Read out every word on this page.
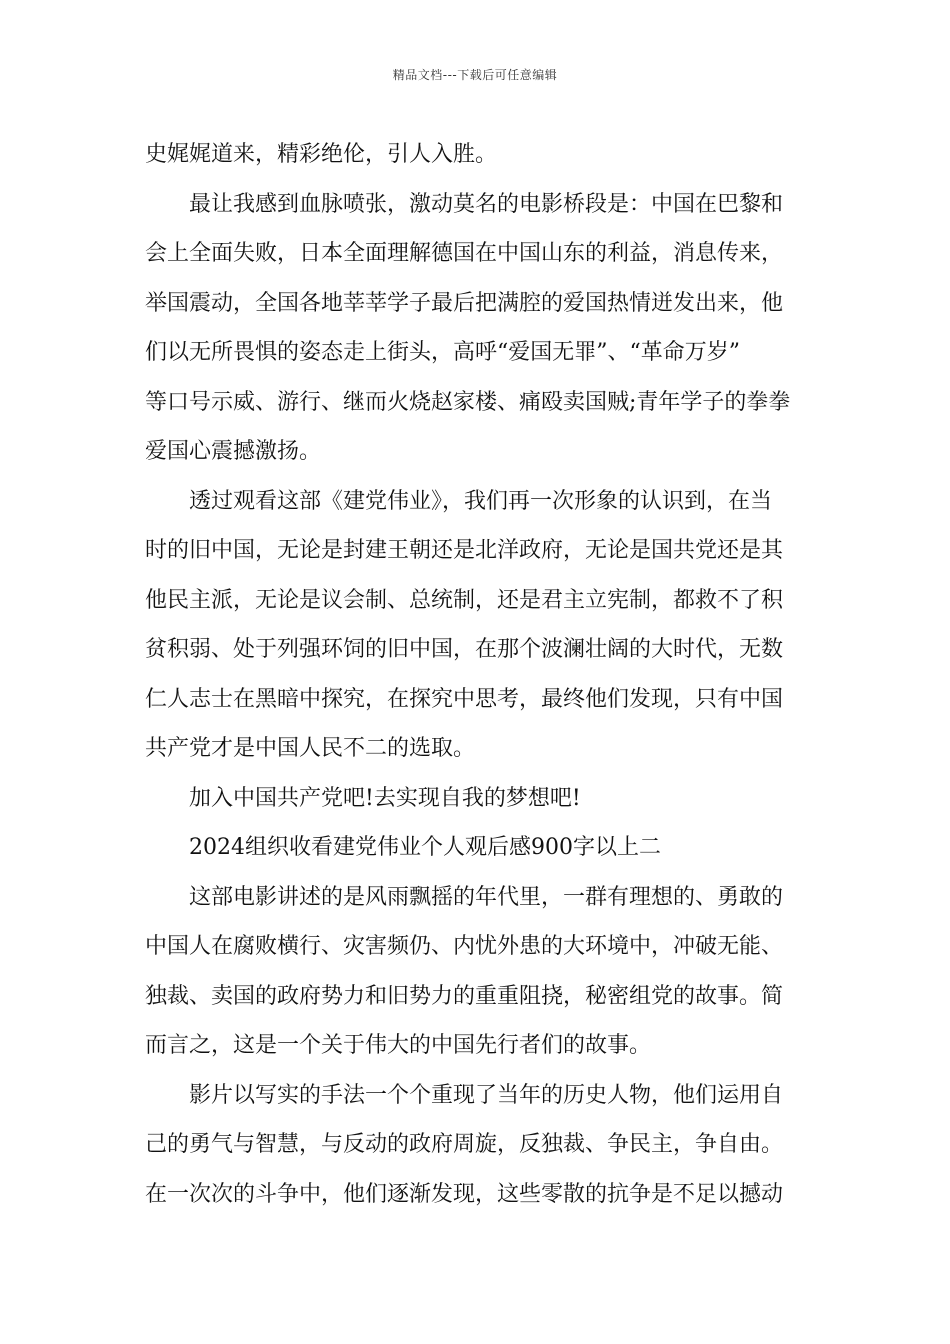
精品文档---下载后可任意编辑
史娓娓道来，精彩绝伦，引人入胜。
最让我感到血脉喷张，激动莫名的电影桥段是：中国在巴黎和
会上全面失败，日本全面理解德国在中国山东的利益，消息传来，
举国震动，全国各地莘莘学子最后把满腔的爱国热情迸发出来，他
们以无所畏惧的姿态走上街头，高呼“爱国无罪”、“革命万岁”
等口号示威、游行、继而火烧赵家楼、痛殴卖国贼;青年学子的拳拳
爱国心震撼激扬。
透过观看这部《建党伟业》，我们再一次形象的认识到，在当
时的旧中国，无论是封建王朝还是北洋政府，无论是国共党还是其
他民主派，无论是议会制、总统制，还是君主立宪制，都救不了积
贫积弱、处于列强环饲的旧中国，在那个波澜壮阔的大时代，无数
仁人志士在黑暗中探究，在探究中思考，最终他们发现，只有中国
共产党才是中国人民不二的选取。
加入中国共产党吧!去实现自我的梦想吧!
2024组织收看建党伟业个人观后感900字以上二
这部电影讲述的是风雨飘摇的年代里，一群有理想的、勇敢的
中国人在腐败横行、灾害频仍、内忧外患的大环境中，冲破无能、
独裁、卖国的政府势力和旧势力的重重阻挠，秘密组党的故事。简
而言之，这是一个关于伟大的中国先行者们的故事。
影片以写实的手法一个个重现了当年的历史人物，他们运用自
己的勇气与智慧，与反动的政府周旋，反独裁、争民主，争自由。
在一次次的斗争中，他们逐渐发现，这些零散的抗争是不足以撼动
